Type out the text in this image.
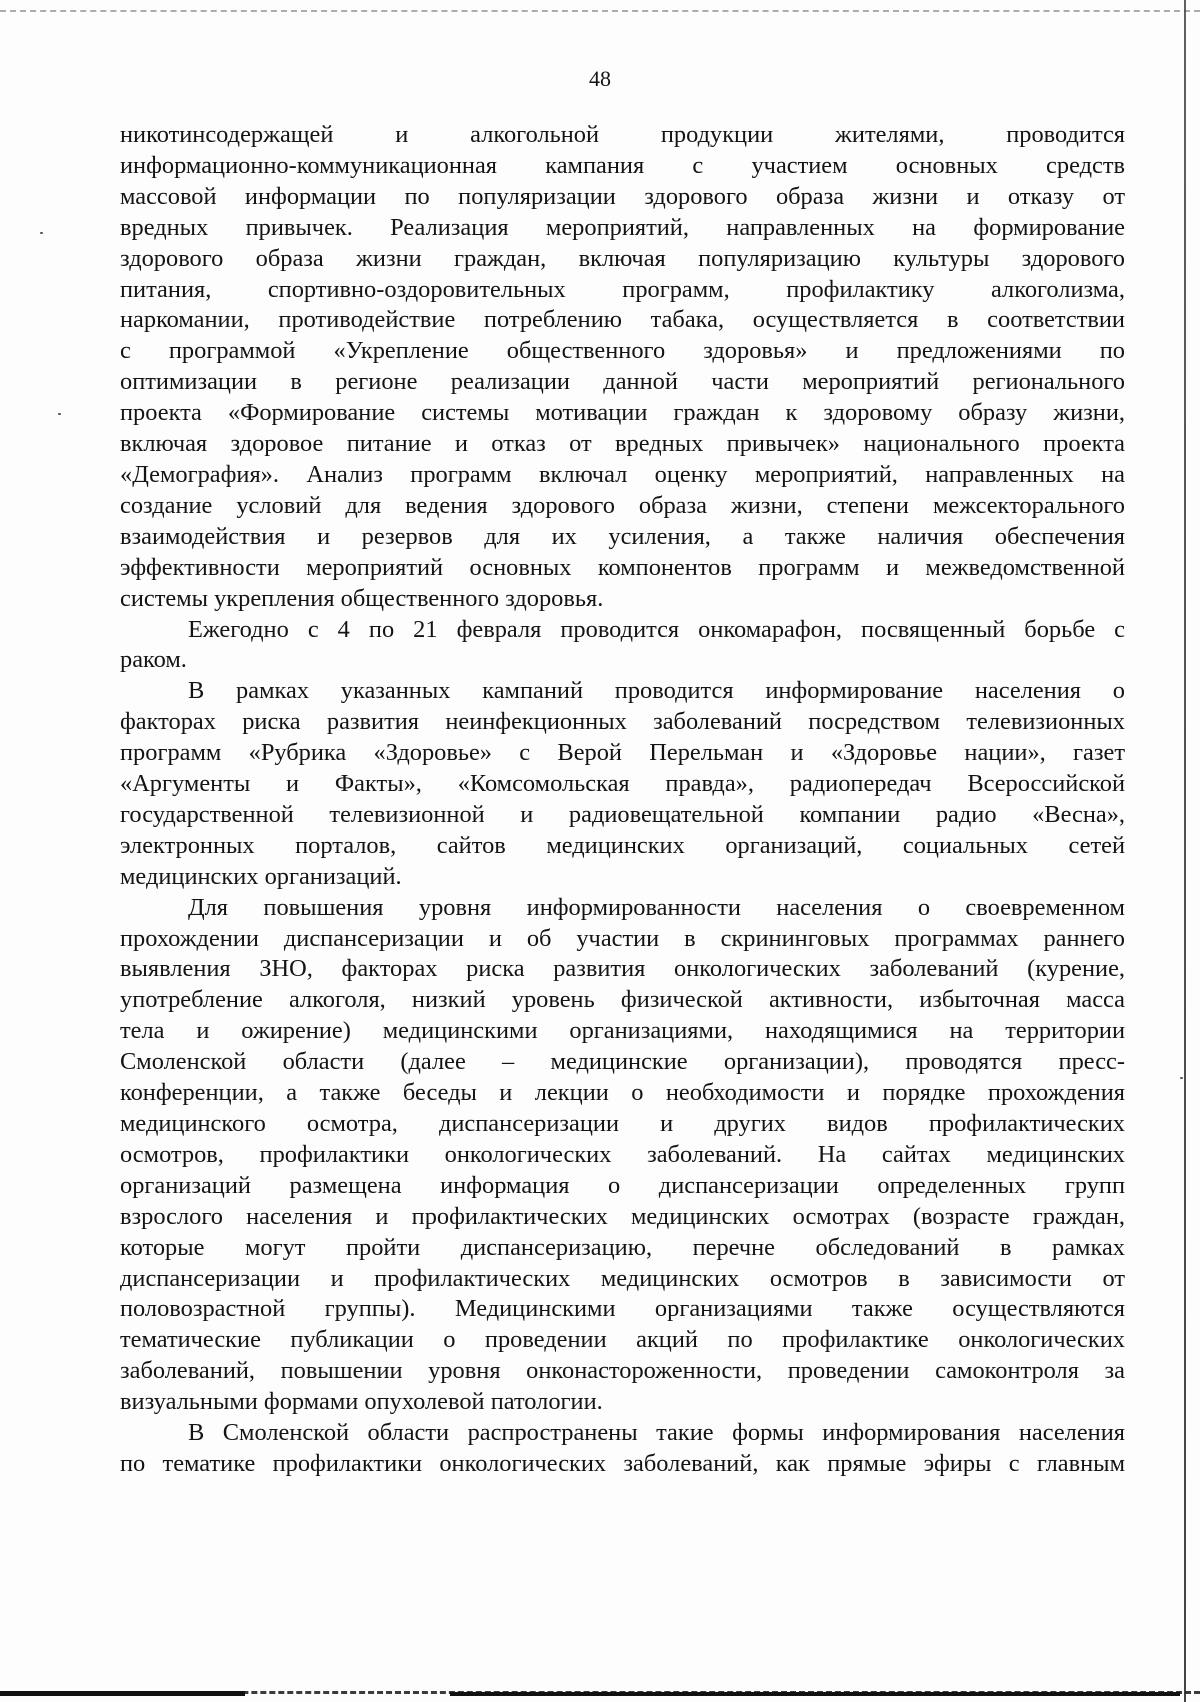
48
никотинсодержащей и алкогольной продукции жителями, проводится
информационно-коммуникационная кампания с участием основных средств
массовой информации по популяризации здорового образа жизни и отказу от
вредных привычек. Реализация мероприятий, направленных на формирование
здорового образа жизни граждан, включая популяризацию культуры здорового
питания, спортивно-оздоровительных программ, профилактику алкоголизма,
наркомании, противодействие потреблению табака, осуществляется в соответствии
с программой «Укрепление общественного здоровья» и предложениями по
оптимизации в регионе реализации данной части мероприятий регионального
проекта «Формирование системы мотивации граждан к здоровому образу жизни,
включая здоровое питание и отказ от вредных привычек» национального проекта
«Демография». Анализ программ включал оценку мероприятий, направленных на
создание условий для ведения здорового образа жизни, степени межсекторального
взаимодействия и резервов для их усиления, а также наличия обеспечения
эффективности мероприятий основных компонентов программ и межведомственной
системы укрепления общественного здоровья.
Ежегодно с 4 по 21 февраля проводится онкомарафон, посвященный борьбе с
раком.
В рамках указанных кампаний проводится информирование населения о
факторах риска развития неинфекционных заболеваний посредством телевизионных
программ «Рубрика «Здоровье» с Верой Перельман и «Здоровье нации», газет
«Аргументы и Факты», «Комсомольская правда», радиопередач Всероссийской
государственной телевизионной и радиовещательной компании радио «Весна»,
электронных порталов, сайтов медицинских организаций, социальных сетей
медицинских организаций.
Для повышения уровня информированности населения о своевременном
прохождении диспансеризации и об участии в скрининговых программах раннего
выявления ЗНО, факторах риска развития онкологических заболеваний (курение,
употребление алкоголя, низкий уровень физической активности, избыточная масса
тела и ожирение) медицинскими организациями, находящимися на территории
Смоленской области (далее – медицинские организации), проводятся пресс-
конференции, а также беседы и лекции о необходимости и порядке прохождения
медицинского осмотра, диспансеризации и других видов профилактических
осмотров, профилактики онкологических заболеваний. На сайтах медицинских
организаций размещена информация о диспансеризации определенных групп
взрослого населения и профилактических медицинских осмотрах (возрасте граждан,
которые могут пройти диспансеризацию, перечне обследований в рамках
диспансеризации и профилактических медицинских осмотров в зависимости от
половозрастной группы). Медицинскими организациями также осуществляются
тематические публикации о проведении акций по профилактике онкологических
заболеваний, повышении уровня онконастороженности, проведении самоконтроля за
визуальными формами опухолевой патологии.
В Смоленской области распространены такие формы информирования населения
по тематике профилактики онкологических заболеваний, как прямые эфиры с главным
